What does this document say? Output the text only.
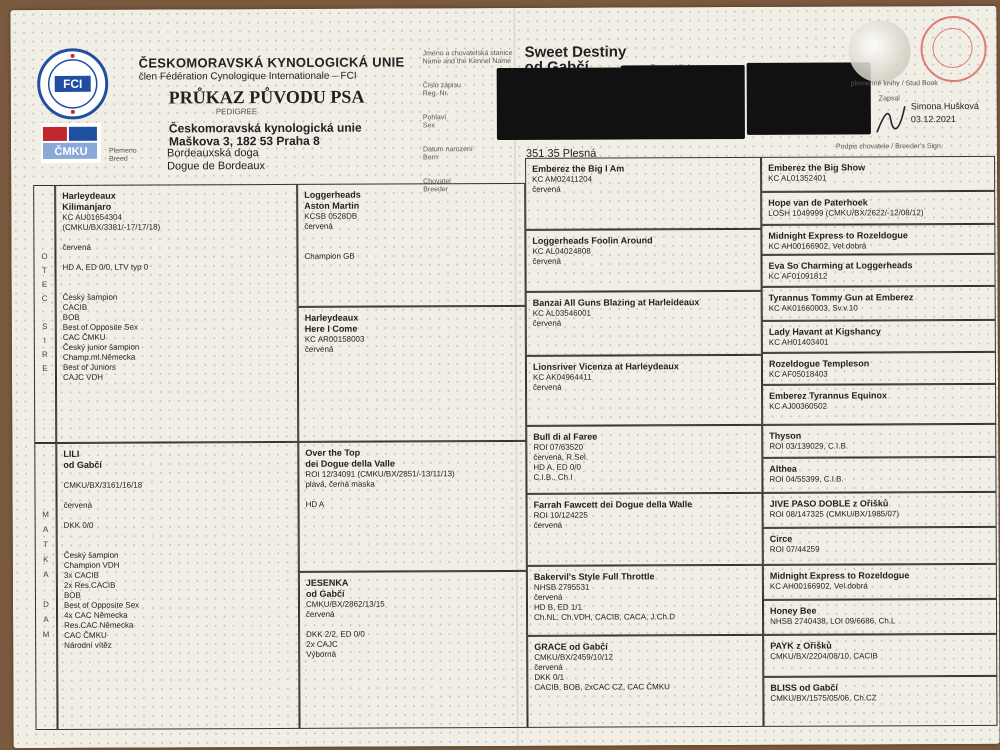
FCI
ČMKU
ČESKOMORAVSKÁ KYNOLOGICKÁ UNIE
člen Fédération Cynologique Internationale – FCI
PRŮKAZ PŮVODU PSA
PEDIGREE
Českomoravská kynologická unie
Maškova 3, 182 53 Praha 8
Plemeno
Breed	Bordeauxská doga
Dogue de Bordeaux
Jméno a chovatelská stanice
Name and the Kennel Name
Číslo zápisu
Reg. Nr.
Pohlaví
Sex
Datum narození
Born
Chovatel
Breeder
Sweet Destiny
351 35 Plesná
plemenné knihy / Stud Book
Zapsal
Simona Hušková
03.12.2021
Podpis chovatele / Breeder's Sign.
O
T
E
C
S
I
R
E
M
A
T
K
A
D
A
M
Harleydeaux
Kilimanjaro
KC AU01654304
(CMKU/BX/3381/-17/17/18)

červená

HD A, ED 0/0, LTV typ 0

Český šampion
CACIB
BOB
Best of Opposite Sex
CAC ČMKU
Český junior šampion
Champ.ml.Německa
Best of Juniors
CAJC VDH
LILI
od Gabčí

CMKU/BX/3161/16/18

červená

DKK 0/0

Český šampion
Champion VDH
3x CACIB
2x Res.CACIB
BOB
Best of Opposite Sex
4x CAC Německa
Res.CAC Německa
CAC ČMKU
Národní vítěz
Loggerheads
Aston Martin
KCSB 0528DB
červená

Champion GB
Harleydeaux
Here I Come
KC AR00158003
červená
Over the Top
dei Dogue della Valle
ROI 12/34091 (CMKU/BX/2851/-13/11/13)
plavá, černá maska

HD A
JESENKA
od Gabčí
CMKU/BX/2862/13/15
červená

DKK 2/2, ED 0/0
2x CAJC
Výborná
Emberez the Big I Am
KC AM02411204
červená
Loggerheads Foolin Around
KC AL04024808
červená
Banzai All Guns Blazing at Harleideaux
KC AL03546001
červená
Lionsriver Vicenza at Harleydeaux
KC AK04964411
červená
Bull di al Faree
ROI 07/63520
červená, R.Sel.
HD A, ED 0/0
C.I.B., Ch.I
Farrah Fawcett dei Dogue della Walle
ROI 10/124225
červená
Bakervil's Style Full Throttle
NHSB 2795531
červená
HD B, ED 1/1
Ch.NL, Ch.VDH, CACIB, CACA, J.Ch.D
GRACE od Gabčí
CMKU/BX/2459/10/12
červená
DKK 0/1
CACIB, BOB, 2xCAC CZ, CAC ČMKU
Emberez the Big Show
KC AL01352401
Hope van de Paterhoek
LOSH 1049999 (CMKU/BX/2622/-12/08/12)
Midnight Express to Rozeldogue
KC AH00166902, Vel.dobrá
Eva So Charming at Loggerheads
KC AF01091812
Tyrannus Tommy Gun at Emberez
KC AK01660003, Sv.v.10
Lady Havant at Kigshancy
KC AH01403401
Rozeldogue Templeson
KC AF05018403
Emberez Tyrannus Equinox
KC AJ00360502
Thyson
ROI 03/139029, C.I.B.
Althea
ROI 04/55399, C.I.B.
JIVE PASO DOBLE z Ořišků
ROI 08/147325 (CMKU/BX/1985/07)
Circe
ROI 07/44259
Midnight Express to Rozeldogue
KC AH00166902, Vel.dobrá
Honey Bee
NHSB 2740438, LOI 09/6686, Ch.L
PAYK z Ořišků
CMKU/BX/2204/08/10, CACIB
BLISS od Gabčí
CMKU/BX/1575/05/06, Ch.CZ
